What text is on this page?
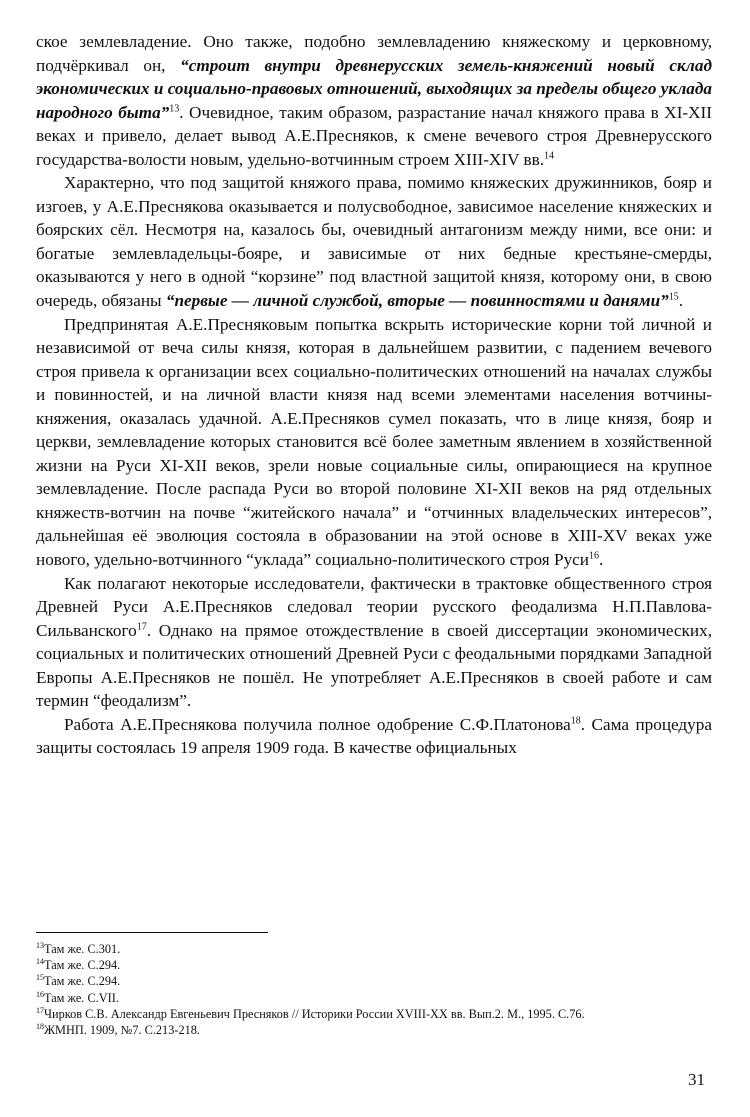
ское землевладение. Оно также, подобно землевладению княжескому и церковному, подчёркивал он, “строит внутри древнерусских земель-княжений новый склад экономических и социально-правовых отношений, выходящих за пределы общего уклада народного быта”$^{13}$. Очевидное, таким образом, разрастание начал княжого права в XI-XII веках и привело, делает вывод А.Е.Пресняков, к смене вечевого строя Древнерусского государства-волости новым, удельно-вотчинным строем XIII-XIV вв.$^{14}$

Характерно, что под защитой княжого права, помимо княжеских дружинников, бояр и изгоев, у А.Е.Преснякова оказывается и полусвободное, зависимое население княжеских и боярских сёл. Несмотря на, казалось бы, очевидный антагонизм между ними, все они: и богатые землевладельцы-бояре, и зависимые от них бедные крестьяне-смерды, оказываются у него в одной “корзине” под властной защитой князя, которому они, в свою очередь, обязаны “первые — личной службой, вторые — повинностями и данями”$^{15}$.

Предпринятая А.Е.Пресняковым попытка вскрыть исторические корни той личной и независимой от веча силы князя, которая в дальнейшем развитии, с падением вечевого строя привела к организации всех социально-политических отношений на началах службы и повинностей, и на личной власти князя над всеми элементами населения вотчины-княжения, оказалась удачной. А.Е.Пресняков сумел показать, что в лице князя, бояр и церкви, землевладение которых становится всё более заметным явлением в хозяйственной жизни на Руси XI-XII веков, зрели новые социальные силы, опирающиеся на крупное землевладение. После распада Руси во второй половине XI-XII веков на ряд отдельных княжеств-вотчин на почве “житейского начала” и “отчинных владельческих интересов”, дальнейшая её эволюция состояла в образовании на этой основе в XIII-XV веках уже нового, удельно-вотчинного “уклада” социально-политического строя Руси$^{16}$.

Как полагают некоторые исследователи, фактически в трактовке общественного строя Древней Руси А.Е.Пресняков следовал теории русского феодализма Н.П.Павлова-Сильванского$^{17}$. Однако на прямое отождествление в своей диссертации экономических, социальных и политических отношений Древней Руси с феодальными порядками Западной Европы А.Е.Пресняков не пошёл. Не употребляет А.Е.Пресняков в своей работе и сам термин “феодализм”.

Работа А.Е.Преснякова получила полное одобрение С.Ф.Платонова$^{18}$. Сама процедура защиты состоялась 19 апреля 1909 года. В качестве официальных

$^{13}$Там же. С.301.
$^{14}$Там же. С.294.
$^{15}$Там же. С.294.
$^{16}$Там же. С.VII.
$^{17}$Чирков С.В. Александр Евгеньевич Пресняков // Историки России XVIII-XX вв. Вып.2. М., 1995. С.76.
$^{18}$ЖМНП. 1909, №7. С.213-218.
31
